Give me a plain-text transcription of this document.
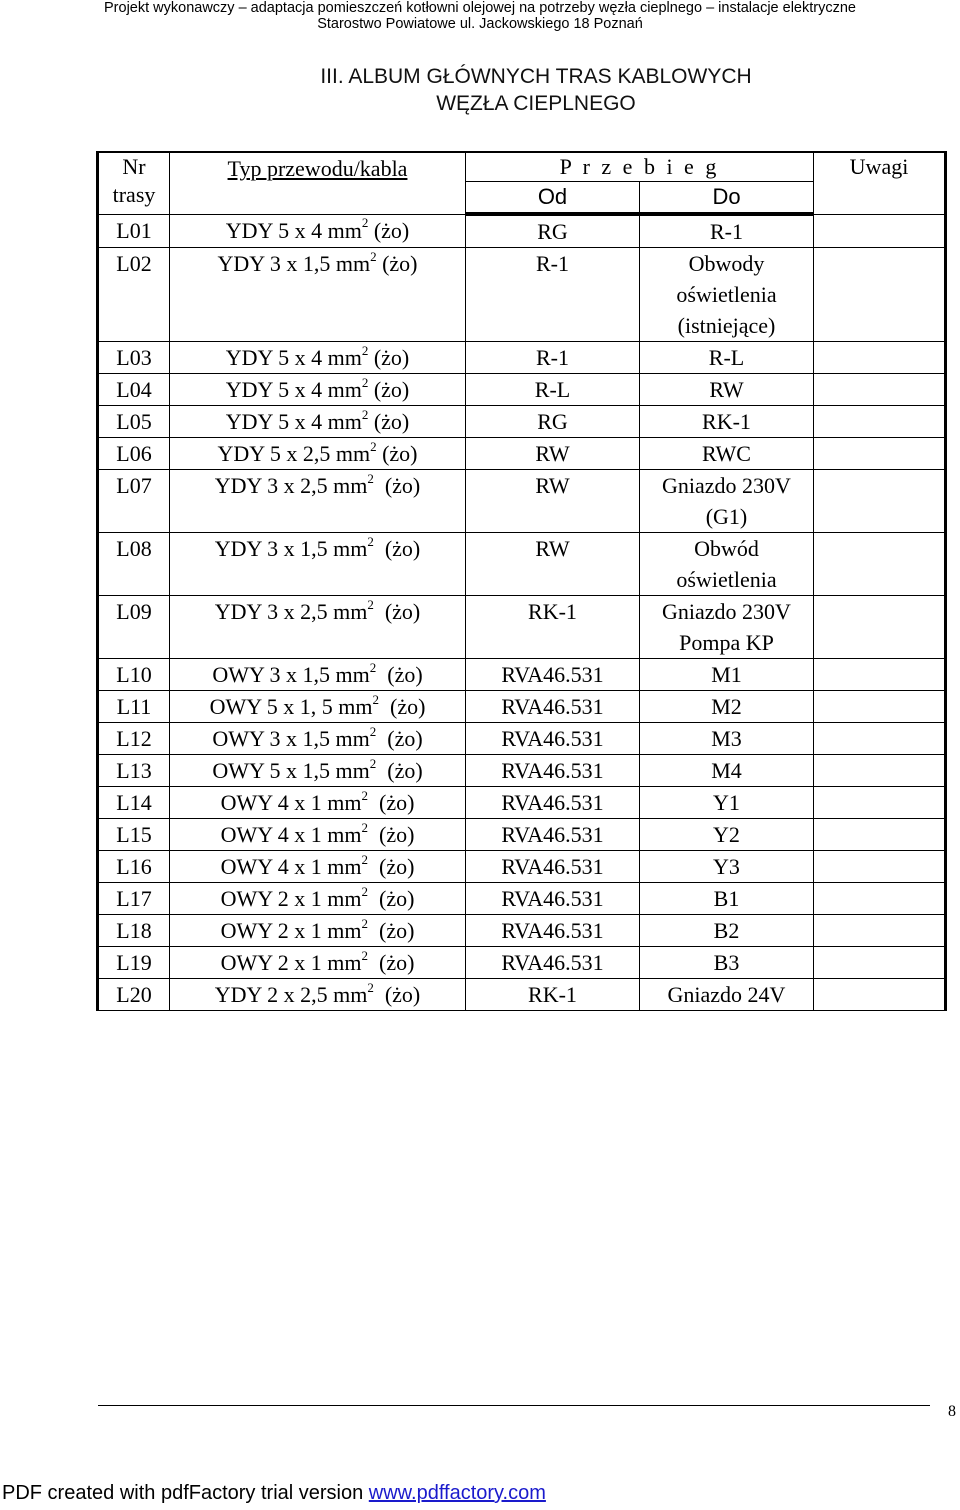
Projekt wykonawczy – adaptacja pomieszczeń kotłowni olejowej na potrzeby węzła cieplnego – instalacje elektryczne
Starostwo Powiatowe ul. Jackowskiego 18 Poznań
III. ALBUM GŁÓWNYCH TRAS KABLOWYCH
WĘZŁA CIEPLNEGO
Nr
trasy	Typ przewodu/kabla	P r z e b i e g		Uwagi
		Od	Do	
L01	YDY 5 x 4 $mm^2$ (żo)	RG	R-1	

L02	YDY 3 x 1,5 $mm^2$ (żo)	R-1	Obwody
oświetlenia
(istniejące)	

L03	YDY 5 x 4 $mm^2$ (żo)	R-1	R-L	

L04	YDY 5 x 4 $mm^2$ (żo)	R-L	RW	

L05	YDY 5 x 4 $mm^2$ (żo)	RG	RK-1	

L06	YDY 5 x 2,5 $mm^2$ (żo)	RW	RWC	

L07	YDY 3 x 2,5 $mm^2$  (żo)	RW	Gniazdo 230V
(G1)	

L08	YDY 3 x 1,5 $mm^2$  (żo)	RW	Obwód
oświetlenia	

L09	YDY 3 x 2,5 $mm^2$  (żo)	RK-1	Gniazdo 230V
Pompa KP	

L10	OWY 3 x 1,5 $mm^2$  (żo)	RVA46.531	M1	

L11	OWY 5 x 1, 5 $mm^2$  (żo)	RVA46.531	M2	

L12	OWY 3 x 1,5 $mm^2$  (żo)	RVA46.531	M3	

L13	OWY 5 x 1,5 $mm^2$  (żo)	RVA46.531	M4	

L14	OWY 4 x 1 $mm^2$  (żo)	RVA46.531	Y1	

L15	OWY 4 x 1 $mm^2$  (żo)	RVA46.531	Y2	

L16	OWY 4 x 1 $mm^2$  (żo)	RVA46.531	Y3	

L17	OWY 2 x 1 $mm^2$  (żo)	RVA46.531	B1	

L18	OWY 2 x 1 $mm^2$  (żo)	RVA46.531	B2	

L19	OWY 2 x 1 $mm^2$  (żo)	RVA46.531	B3	

L20	YDY 2 x 2,5 $mm^2$  (żo)	RK-1	Gniazdo 24V	

8
PDF created with pdfFactory trial version www.pdffactory.com
